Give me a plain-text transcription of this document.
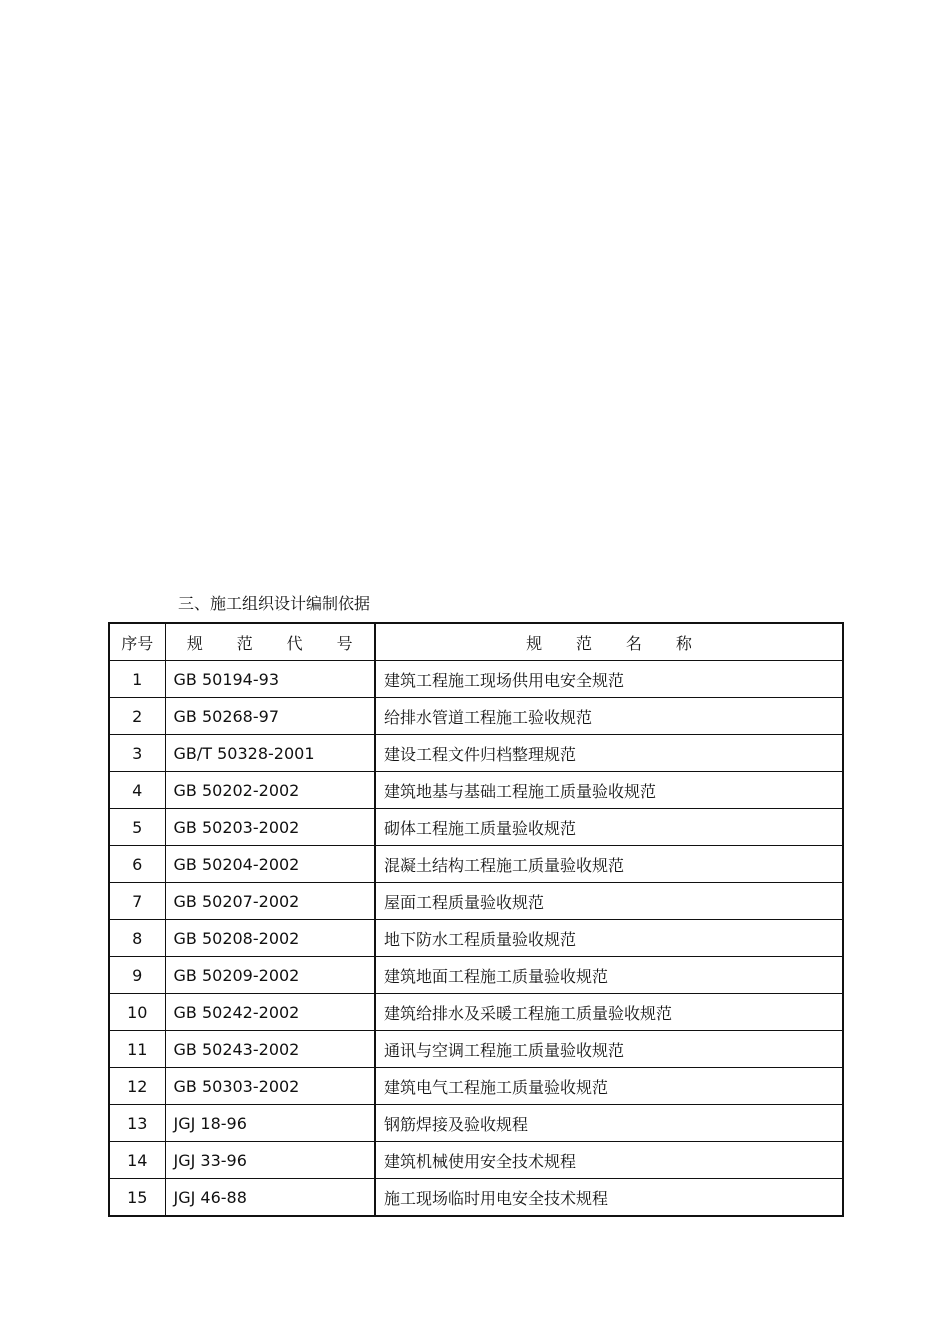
三、施工组织设计编制依据
序号	规 范 代 号	规 范 名 称
1	GB 50194-93	建筑工程施工现场供用电安全规范
2	GB 50268-97	给排水管道工程施工验收规范
3	GB/T 50328-2001	建设工程文件归档整理规范
4	GB 50202-2002	建筑地基与基础工程施工质量验收规范
5	GB 50203-2002	砌体工程施工质量验收规范
6	GB 50204-2002	混凝土结构工程施工质量验收规范
7	GB 50207-2002	屋面工程质量验收规范
8	GB 50208-2002	地下防水工程质量验收规范
9	GB 50209-2002	建筑地面工程施工质量验收规范
10	GB 50242-2002	建筑给排水及采暖工程施工质量验收规范
11	GB 50243-2002	通讯与空调工程施工质量验收规范
12	GB 50303-2002	建筑电气工程施工质量验收规范
13	JGJ 18-96	钢筋焊接及验收规程
14	JGJ 33-96	建筑机械使用安全技术规程
15	JGJ 46-88	施工现场临时用电安全技术规程
